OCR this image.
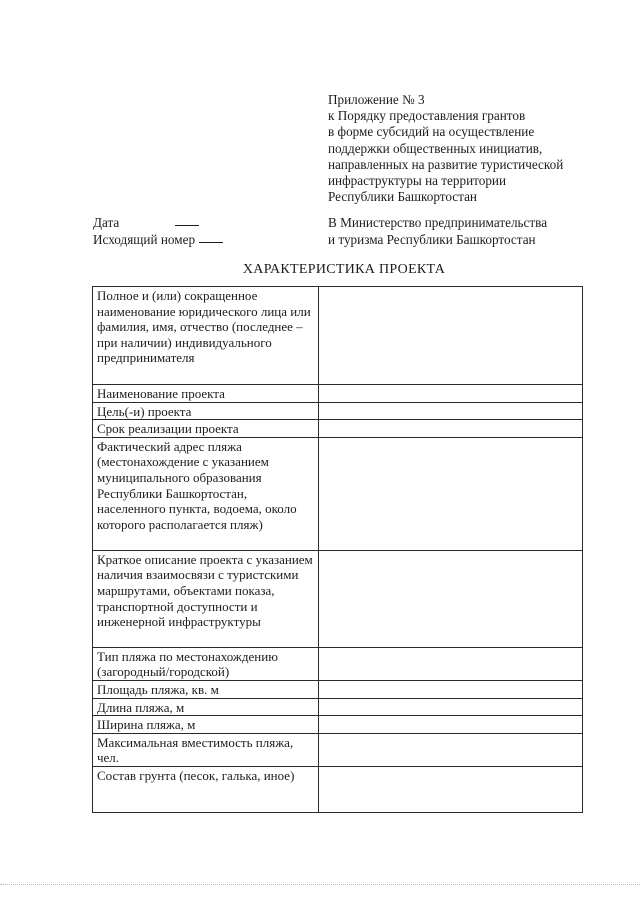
Приложение № 3
к Порядку предоставления грантов
в форме субсидий на осуществление
поддержки общественных инициатив,
направленных на развитие туристической
инфраструктуры на территории
Республики Башкортостан
Дата
Исходящий номер
В Министерство предпринимательства
и туризма Республики Башкортостан
ХАРАКТЕРИСТИКА ПРОЕКТА
Полное и (или) сокращенное наименование юридического лица или фамилия, имя, отчество (последнее – при наличии) индивидуального предпринимателя	
Наименование проекта	
Цель(-и) проекта	
Срок реализации проекта	
Фактический адрес пляжа (местонахождение с указанием муниципального образования Республики Башкортостан, населенного пункта, водоема, около которого располагается пляж)	
Краткое описание проекта с указанием наличия взаимосвязи с туристскими маршрутами, объектами показа, транспортной доступности и инженерной инфраструктуры	
Тип пляжа по местонахождению (загородный/городской)	
Площадь пляжа, кв. м	
Длина пляжа, м	
Ширина пляжа, м	
Максимальная вместимость пляжа, чел.	
Состав грунта (песок, галька, иное)	
